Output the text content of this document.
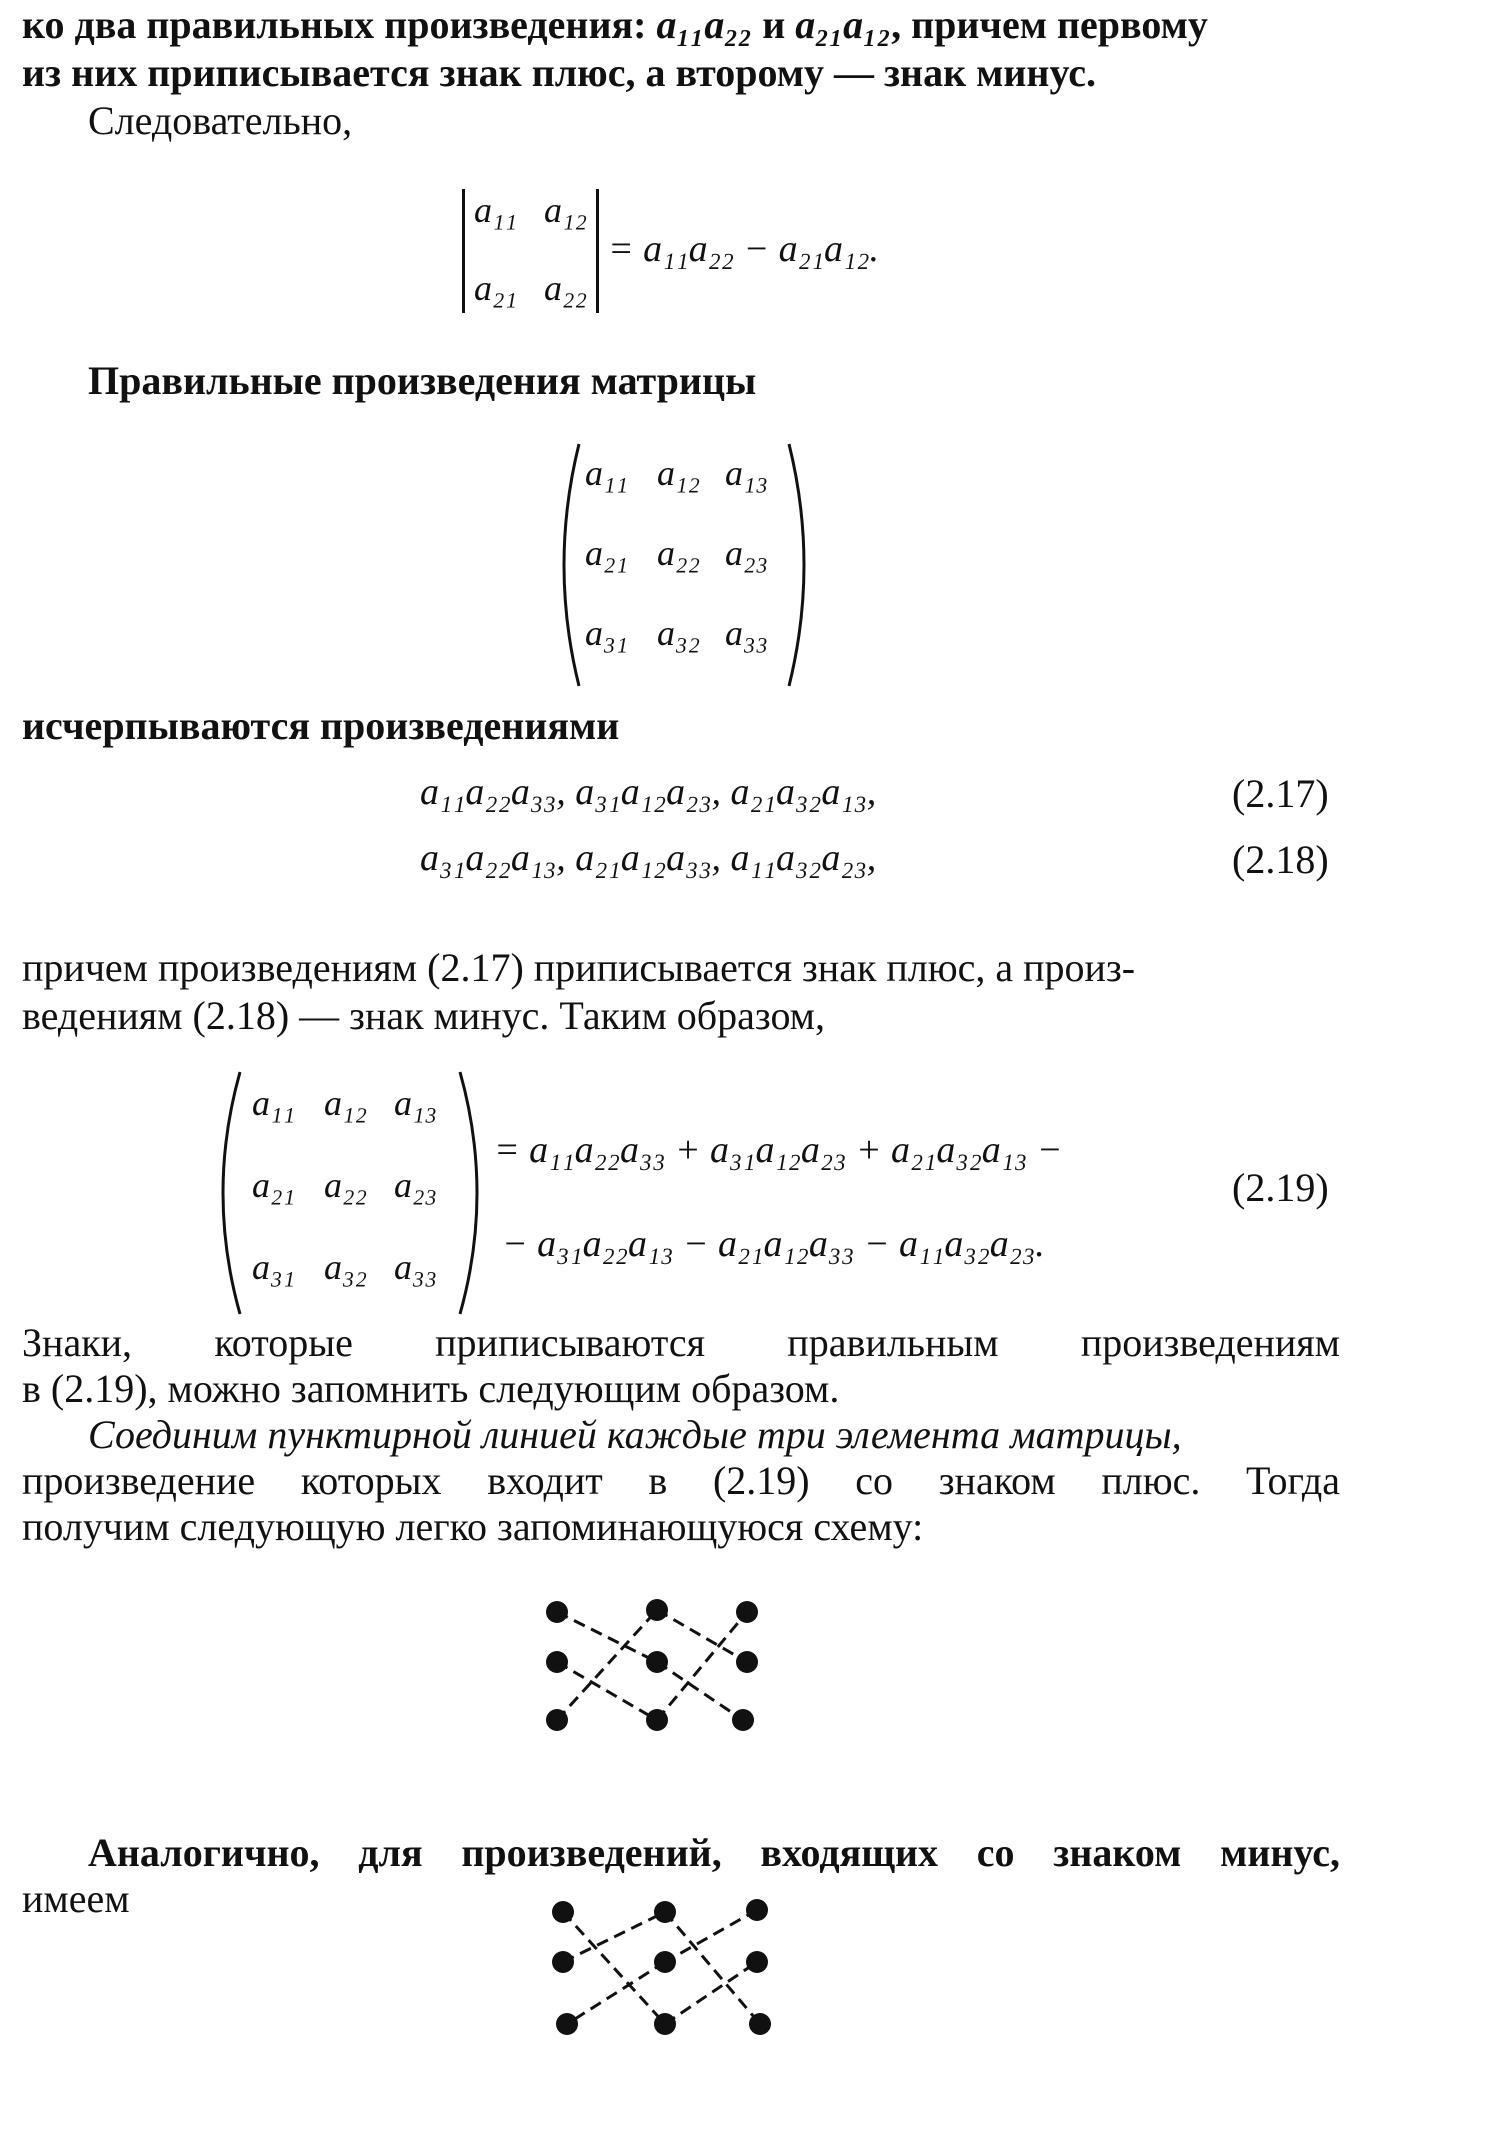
ко два правильных произведения: a₁₁a₂₂ и a₂₁a₁₂, причем первому
из них приписывается знак плюс, а второму — знак минус.
Следовательно,
a₁₁ a₁₂
a₂₁ a₂₂
= a₁₁a₂₂ − a₂₁a₁₂.
Правильные произведения матрицы
a₁₁ a₁₂ a₁₃
a₂₁ a₂₂ a₂₃
a₃₁ a₃₂ a₃₃
исчерпываются произведениями
a₁₁a₂₂a₃₃, a₃₁a₁₂a₂₃, a₂₁a₃₂a₁₃,	(2.17)
a₃₁a₂₂a₁₃, a₂₁a₁₂a₃₃, a₁₁a₃₂a₂₃,	(2.18)
причем произведениям (2.17) приписывается знак плюс, а произ-
ведениям (2.18) — знак минус. Таким образом,
a₁₁ a₁₂ a₁₃
a₂₁ a₂₂ a₂₃
a₃₁ a₃₂ a₃₃
= a₁₁a₂₂a₃₃ + a₃₁a₁₂a₂₃ + a₂₁a₃₂a₁₃ −
− a₃₁a₂₂a₁₃ − a₂₁a₁₂a₃₃ − a₁₁a₃₂a₂₃.
(2.19)
Знаки, которые приписываются правильным произведениям
в (2.19), можно запомнить следующим образом.
Соединим пунктирной линией каждые три элемента матрицы,
произведение которых входит в (2.19) со знаком плюс. Тогда
получим следующую легко запоминающуюся схему:
Аналогично, для произведений, входящих со знаком минус,
имеем
